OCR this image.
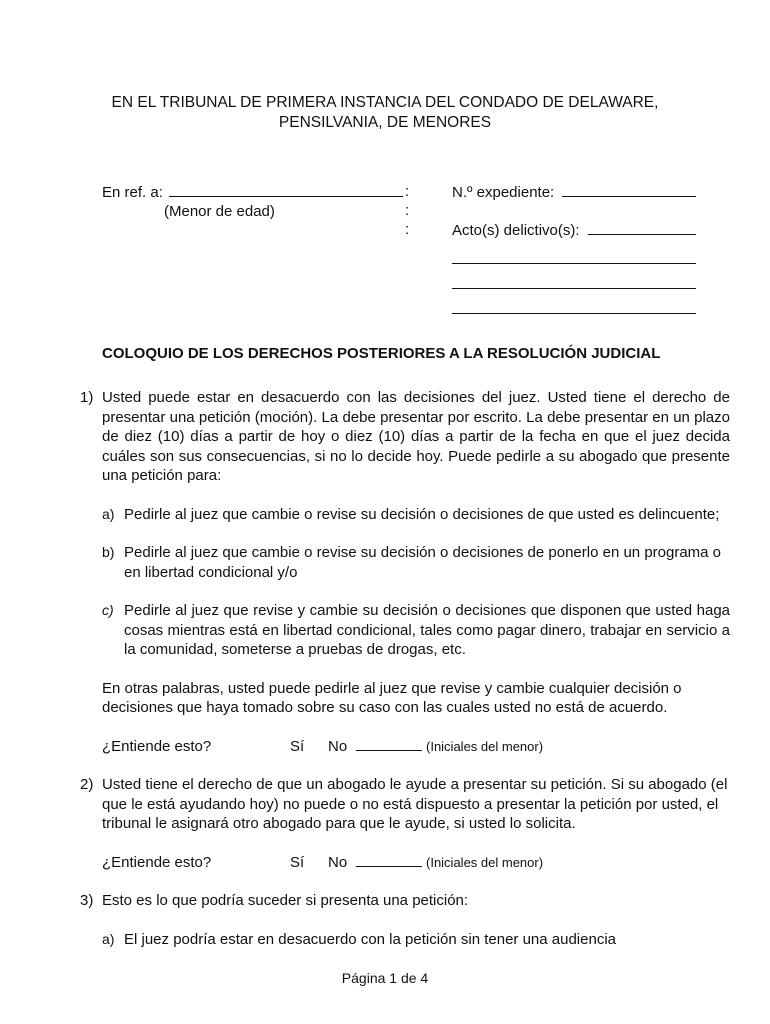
EN EL TRIBUNAL DE PRIMERA INSTANCIA DEL CONDADO DE DELAWARE,
PENSILVANIA, DE MENORES
En ref. a:
(Menor de edad)
:
:
:
N.º expediente:
Acto(s) delictivo(s):
COLOQUIO DE LOS DERECHOS POSTERIORES A LA RESOLUCIÓN JUDICIAL
1) Usted puede estar en desacuerdo con las decisiones del juez. Usted tiene el derecho de presentar una petición (moción). La debe presentar por escrito. La debe presentar en un plazo de diez (10) días a partir de hoy o diez (10) días a partir de la fecha en que el juez decida cuáles son sus consecuencias, si no lo decide hoy. Puede pedirle a su abogado que presente una petición para:
a) Pedirle al juez que cambie o revise su decisión o decisiones de que usted es delincuente;
b) Pedirle al juez que cambie o revise su decisión o decisiones de ponerlo en un programa o en libertad condicional y/o
c) Pedirle al juez que revise y cambie su decisión o decisiones que disponen que usted haga cosas mientras está en libertad condicional, tales como pagar dinero, trabajar en servicio a la comunidad, someterse a pruebas de drogas, etc.
En otras palabras, usted puede pedirle al juez que revise y cambie cualquier decisión o decisiones que haya tomado sobre su caso con las cuales usted no está de acuerdo.
¿Entiende esto?	Sí	No	(Iniciales del menor)
2) Usted tiene el derecho de que un abogado le ayude a presentar su petición. Si su abogado (el que le está ayudando hoy) no puede o no está dispuesto a presentar la petición por usted, el tribunal le asignará otro abogado para que le ayude, si usted lo solicita.
¿Entiende esto?	Sí	No	(Iniciales del menor)
3) Esto es lo que podría suceder si presenta una petición:
a) El juez podría estar en desacuerdo con la petición sin tener una audiencia
Página 1 de 4
